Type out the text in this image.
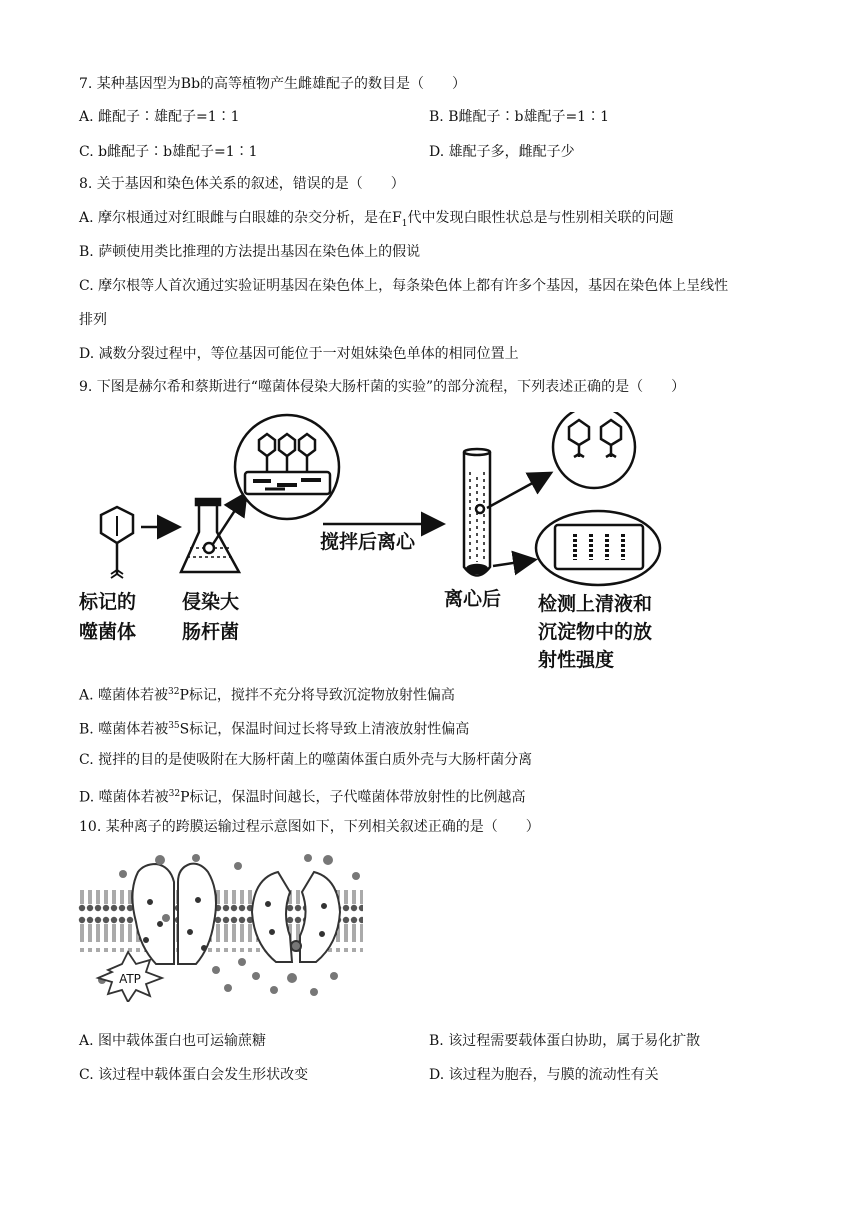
7. 某种基因型为Bb的高等植物产生雌雄配子的数目是（　　）
A. 雌配子∶雄配子=1∶1	B. B雌配子∶b雄配子=1∶1
C. b雌配子∶b雄配子=1∶1	D. 雄配子多，雌配子少
8. 关于基因和染色体关系的叙述，错误的是（　　）
A. 摩尔根通过对红眼雌与白眼雄的杂交分析，是在$F_1$代中发现白眼性状总是与性别相关联的问题
B. 萨顿使用类比推理的方法提出基因在染色体上的假说
C. 摩尔根等人首次通过实验证明基因在染色体上，每条染色体上都有许多个基因，基因在染色体上呈线性
排列
D. 减数分裂过程中，等位基因可能位于一对姐妹染色单体的相同位置上
9. 下图是赫尔希和蔡斯进行“噬菌体侵染大肠杆菌的实验”的部分流程，下列表述正确的是（　　）
标记的
噬菌体
侵染大
肠杆菌
搅拌后离心
离心后 检测上清液和
沉淀物中的放
射性强度
A. 噬菌体若被$^{32}$P标记，搅拌不充分将导致沉淀物放射性偏高
B. 噬菌体若被$^{35}$S标记，保温时间过长将导致上清液放射性偏高
C. 搅拌的目的是使吸附在大肠杆菌上的噬菌体蛋白质外壳与大肠杆菌分离
D. 噬菌体若被$^{32}$P标记，保温时间越长，子代噬菌体带放射性的比例越高
10. 某种离子的跨膜运输过程示意图如下，下列相关叙述正确的是（　　）
ATP
A. 图中载体蛋白也可运输蔗糖	B. 该过程需要载体蛋白协助，属于易化扩散
C. 该过程中载体蛋白会发生形状改变	D. 该过程为胞吞，与膜的流动性有关
